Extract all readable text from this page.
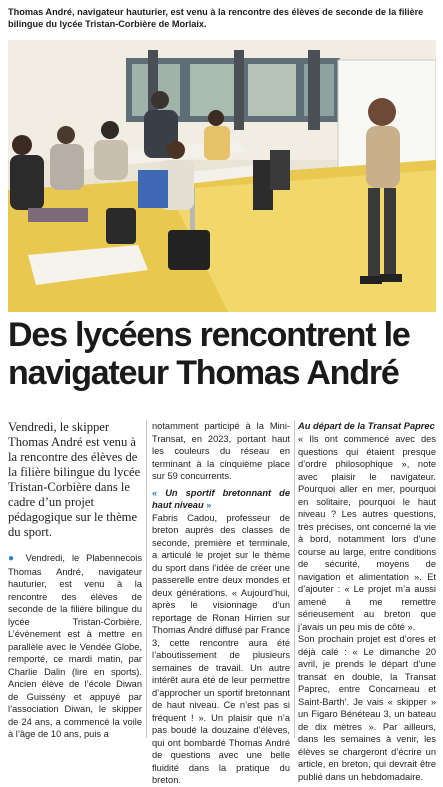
Thomas André, navigateur hauturier, est venu à la rencontre des élèves de seconde de la filière bilingue du lycée Tristan-Corbière de Morlaix.
Des lycéens rencontrent le navigateur Thomas André

Vendredi, le skipper Thomas André est venu à la rencontre des élèves de la filière bilingue du lycée Tristan-Corbière dans le cadre d’un projet pédagogique sur le thème du sport.

● Vendredi, le Plabennecois Thomas André, navigateur hauturier, est venu à la rencontre des élèves de seconde de la filière bilingue du lycée Tristan-Corbière. L’évènement est à mettre en parallèle avec le Vendée Globe, remporté, ce mardi matin, par Charlie Dalin (lire en sports). Ancien élève de l’école Diwan de Guissény et appuyé par l’association Diwan, le skipper de 24 ans, a commencé la voile à l’âge de 10 ans, puis a

notamment participé à la Mini-Transat, en 2023, portant haut les couleurs du réseau en terminant à la cinquième place sur 59 concurrents.

« Un sportif bretonnant de haut niveau »

Fabris Cadou, professeur de breton auprès des classes de seconde, première et terminale, a articulé le projet sur le thème du sport dans l’idée de créer une passerelle entre deux mondes et deux générations. « Aujourd’hui, après le visionnage d’un reportage de Ronan Hirrien sur Thomas André diffusé par France 3, cette rencontre aura été l’aboutissement de plusieurs semaines de travail. Un autre intérêt aura été de leur permettre d’approcher un sportif bretonnant de haut niveau. Ce n’est pas si fréquent ! ». Un plaisir que n’a pas boudé la douzaine d’élèves, qui ont bombardé Thomas André de questions avec une belle fluidité dans la pratique du breton.

Au départ de la Transat Paprec

« Ils ont commencé avec des questions qui étaient presque d’ordre philosophique », note avec plaisir le navigateur. Pourquoi aller en mer, pourquoi en solitaire, pourquoi le haut niveau ? Les autres questions, très précises, ont concerné la vie à bord, notamment lors d’une course au large, entre conditions de sécurité, moyens de navigation et alimentation ». Et d’ajouter : « Le projet m’a aussi amené à me remettre sérieusement au breton que j’avais un peu mis de côté ».

Son prochain projet est d’ores et déjà calé : « Le dimanche 20 avril, je prends le départ d’une transat en double, la Transat Paprec, entre Concarneau et Saint-Barth’. Je vais « skipper » un Figaro Bénéteau 3, un bateau de dix mètres ». Par ailleurs, dans les semaines à venir, les élèves se chargeront d’écrire un article, en breton, qui devrait être publié dans un hebdomadaire.
